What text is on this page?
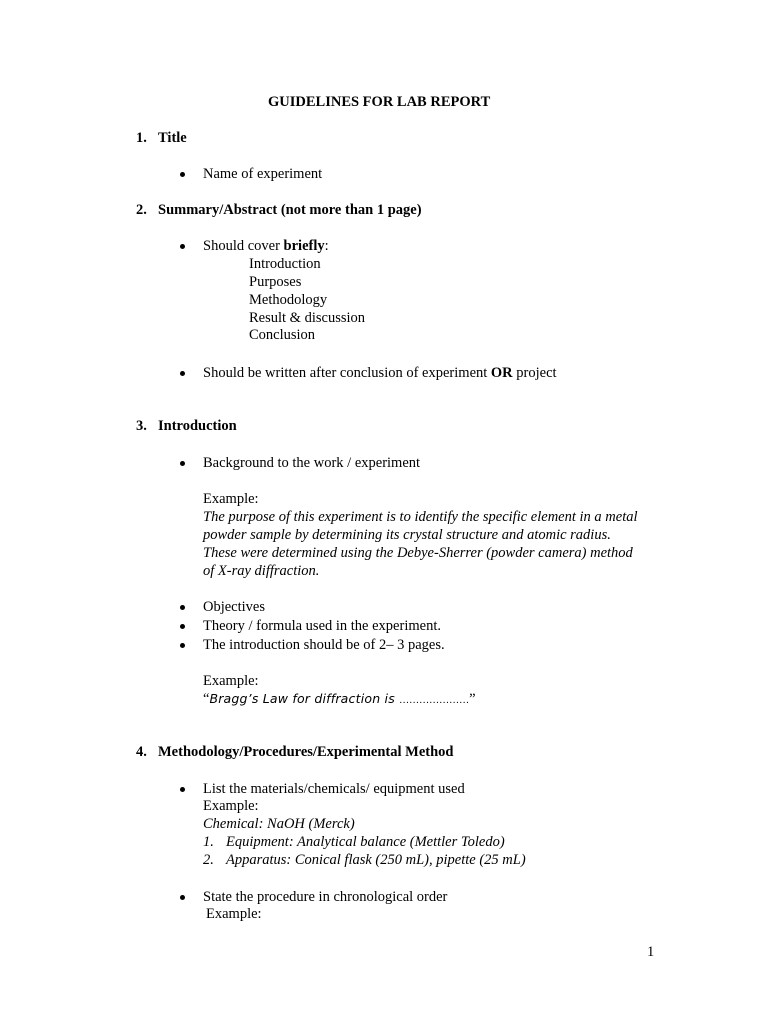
GUIDELINES FOR LAB REPORT
1. Title
Name of experiment
2. Summary/Abstract (not more than 1 page)
Should cover briefly:
Introduction
Purposes
Methodology
Result & discussion
Conclusion
Should be written after conclusion of experiment OR project
3. Introduction
Background to the work / experiment
Example:
The purpose of this experiment is to identify the specific element in a metal
powder sample by determining its crystal structure and atomic radius.
These were determined using the Debye-Sherrer (powder camera) method
of X-ray diffraction.
Objectives
Theory / formula used in the experiment.
The introduction should be of 2– 3 pages.
Example:
“Bragg’s Law for diffraction is …………………”
4. Methodology/Procedures/Experimental Method
List the materials/chemicals/ equipment used
Example:
Chemical: NaOH (Merck)
1. Equipment: Analytical balance (Mettler Toledo)
2. Apparatus: Conical flask (250 mL), pipette (25 mL)
State the procedure in chronological order
Example:
1
